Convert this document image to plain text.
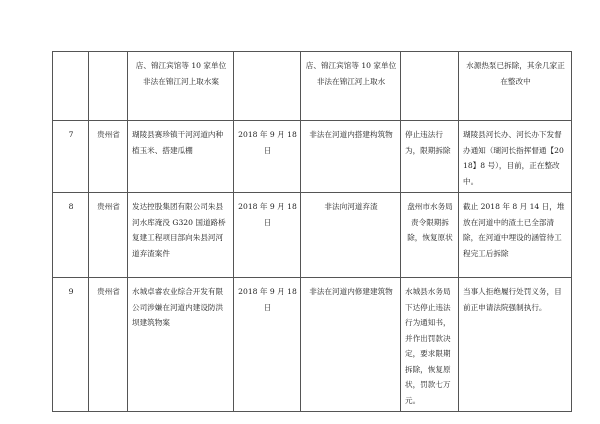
		店、锦江宾馆等 10 家单位非法在锦江河上取水案		店、锦江宾馆等 10 家单位非法在锦江河上取水		水源热泵已拆除，其余几家正在整改中

7	贵州省	瑚陵县赛珍镇干河河道内种植玉米、搭建瓜棚	2018 年 9 月 18 日	非法在河道内搭建构筑物	停止违法行为，限期拆除	瑚陵县河长办、河长办下发督办通知（瑚河长指挥督通【2018】8 号），目前，正在整改中。

8	贵州省	发达控股集团有限公司朱县河水库淹没 G320 国道路桥复建工程项目部向朱县河河道弃渣案件	2018 年 9 月 18 日	非法向河道弃渣	盘州市水务局责令限期拆除，恢复原状	截止 2018 年 8 月 14 日，堆放在河道中的渣土已全部清除，在河道中埋设的涵管待工程完工后拆除

9	贵州省	水城卓睿农业综合开发有限公司涉嫌在河道内建设防洪坝建筑物案	2018 年 9 月 18 日	非法在河道内修建建筑物	水城县水务局下达停止违法行为通知书，并作出罚款决定，要求限期拆除，恢复原状，罚款七万元。	当事人拒绝履行处罚义务，目前正申请法院强制执行。
